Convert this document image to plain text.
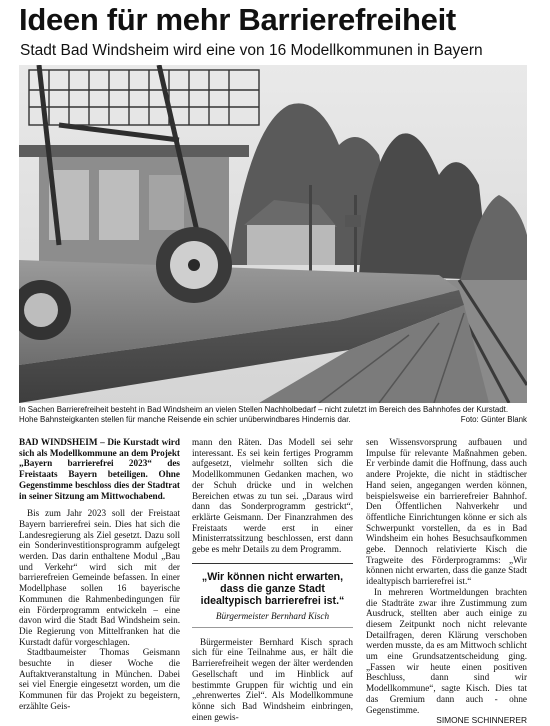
Ideen für mehr Barrierefreiheit
Stadt Bad Windsheim wird eine von 16 Modellkommunen in Bayern
In Sachen Barrierefreiheit besteht in Bad Windsheim an vielen Stellen Nachholbedarf – nicht zuletzt im Bereich des Bahnhofes der Kurstadt. Hohe Bahnsteigkanten stellen für manche Reisende ein schier unüberwindbares Hindernis dar.	Foto: Günter Blank

BAD WINDSHEIM – Die Kurstadt wird sich als Modellkommune an dem Projekt „Bayern barrierefrei 2023“ des Freistaats Bayern beteiligen. Ohne Gegenstimme beschloss dies der Stadtrat in seiner Sitzung am Mittwochabend.

Bis zum Jahr 2023 soll der Freistaat Bayern barrierefrei sein. Dies hat sich die Landesregierung als Ziel gesetzt. Dazu soll ein Sonderinvestitionsprogramm aufgelegt werden. Das darin enthaltene Modul „Bau und Verkehr“ wird sich mit der barrierefreien Gemeinde befassen. In einer Modellphase sollen 16 bayerische Kommunen die Rahmenbedingungen für ein Förderprogramm entwickeln – eine davon wird die Stadt Bad Windsheim sein. Die Regierung von Mittelfranken hat die Kurstadt dafür vorgeschlagen.

Stadtbaumeister Thomas Geismann besuchte in dieser Woche die Auftaktveranstaltung in München. Dabei sei viel Energie eingesetzt worden, um die Kommunen für das Projekt zu begeistern, erzählte Geis-

mann den Räten. Das Modell sei sehr interessant. Es sei kein fertiges Programm aufgesetzt, vielmehr sollten sich die Modellkommunen Gedanken machen, wo der Schuh drücke und in welchen Bereichen etwas zu tun sei. „Daraus wird dann das Sonderprogramm gestrickt“, erklärte Geismann. Der Finanzrahmen des Freistaats werde erst in einer Ministerratssitzung beschlossen, erst dann gebe es mehr Details zu dem Programm.

„Wir können nicht erwarten, dass die ganze Stadt idealtypisch barrierefrei ist.“
Bürgermeister Bernhard Kisch

Bürgermeister Bernhard Kisch sprach sich für eine Teilnahme aus, er hält die Barrierefreiheit wegen der älter werdenden Gesellschaft und im Hinblick auf bestimmte Gruppen für wichtig und ein „ehrenwertes Ziel“. Als Modellkommune könne sich Bad Windsheim einbringen, einen gewis-

sen Wissensvorsprung aufbauen und Impulse für relevante Maßnahmen geben. Er verbinde damit die Hoffnung, dass auch andere Projekte, die nicht in städtischer Hand seien, angegangen werden können, beispielsweise ein barrierefreier Bahnhof. Den Öffentlichen Nahverkehr und öffentliche Einrichtungen könne er sich als Schwerpunkt vorstellen, da es in Bad Windsheim ein hohes Besuchsaufkommen gebe. Dennoch relativierte Kisch die Tragweite des Förderprogramms: „Wir können nicht erwarten, dass die ganze Stadt idealtypisch barrierefrei ist.“

In mehreren Wortmeldungen brachten die Stadträte zwar ihre Zustimmung zum Ausdruck, stellten aber auch einige zu diesem Zeitpunkt noch nicht relevante Detailfragen, deren Klärung verschoben werden musste, da es am Mittwoch schlicht um eine Grundsatzentscheidung ging. „Fassen wir heute einen positiven Beschluss, dann sind wir Modellkommune“, sagte Kisch. Dies tat das Gremium dann auch - ohne Gegenstimme.

SIMONE SCHINNERER
